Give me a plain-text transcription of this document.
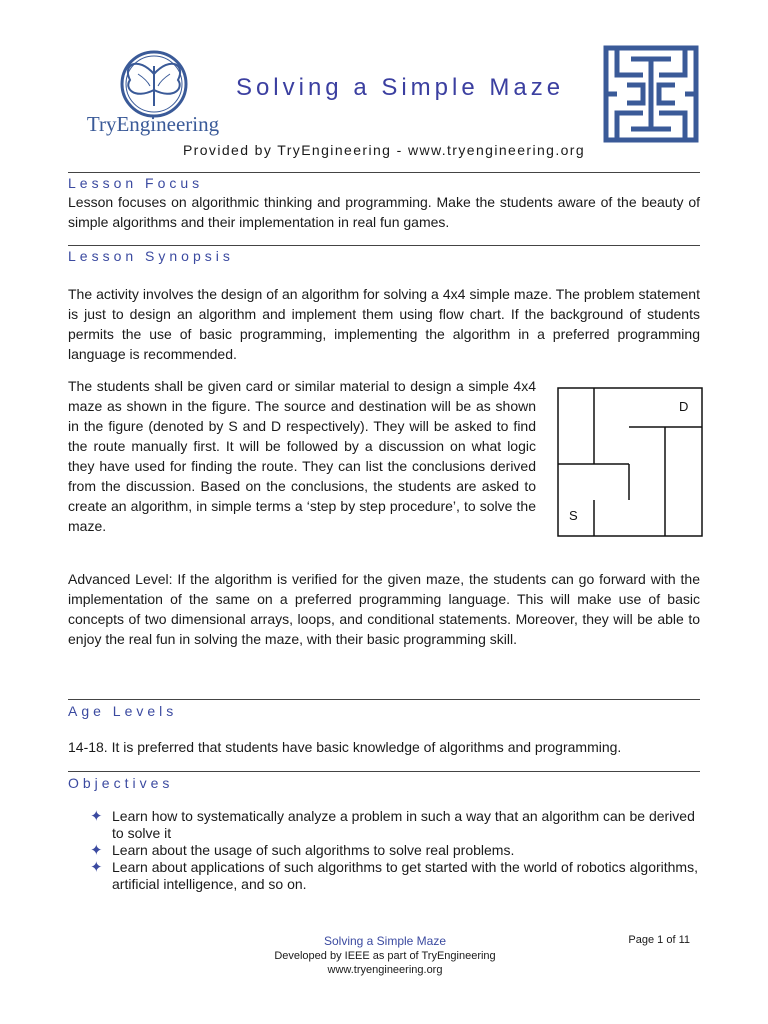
TryEngineering
Solving a Simple Maze
Provided by TryEngineering - www.tryengineering.org
Lesson Focus

Lesson focuses on algorithmic thinking and programming. Make the students aware of the beauty of simple algorithms and their implementation in real fun games.

Lesson Synopsis

The activity involves the design of an algorithm for solving a 4x4 simple maze. The problem statement is just to design an algorithm and implement them using flow chart. If the background of students permits the use of basic programming, implementing the algorithm in a preferred programming language is recommended.

The students shall be given card or similar material to design a simple 4x4 maze as shown in the figure. The source and destination will be as shown in the figure (denoted by S and D respectively). They will be asked to find the route manually first. It will be followed by a discussion on what logic they have used for finding the route. They can list the conclusions derived from the discussion. Based on the conclusions, the students are asked to create an algorithm, in simple terms a ‘step by step procedure’, to solve the maze.

D
S

Advanced Level: If the algorithm is verified for the given maze, the students can go forward with the implementation of the same on a preferred programming language. This will make use of basic concepts of two dimensional arrays, loops, and conditional statements. Moreover, they will be able to enjoy the real fun in solving the maze, with their basic programming skill.

Age Levels

14-18. It is preferred that students have basic knowledge of algorithms and programming.

Objectives
✦ Learn how to systematically analyze a problem in such a way that an algorithm can be derived to solve it
✦ Learn about the usage of such algorithms to solve real problems.
✦ Learn about applications of such algorithms to get started with the world of robotics algorithms, artificial intelligence, and so on.
Solving a Simple Maze	Page 1 of 11
Developed by IEEE as part of TryEngineering
www.tryengineering.org
